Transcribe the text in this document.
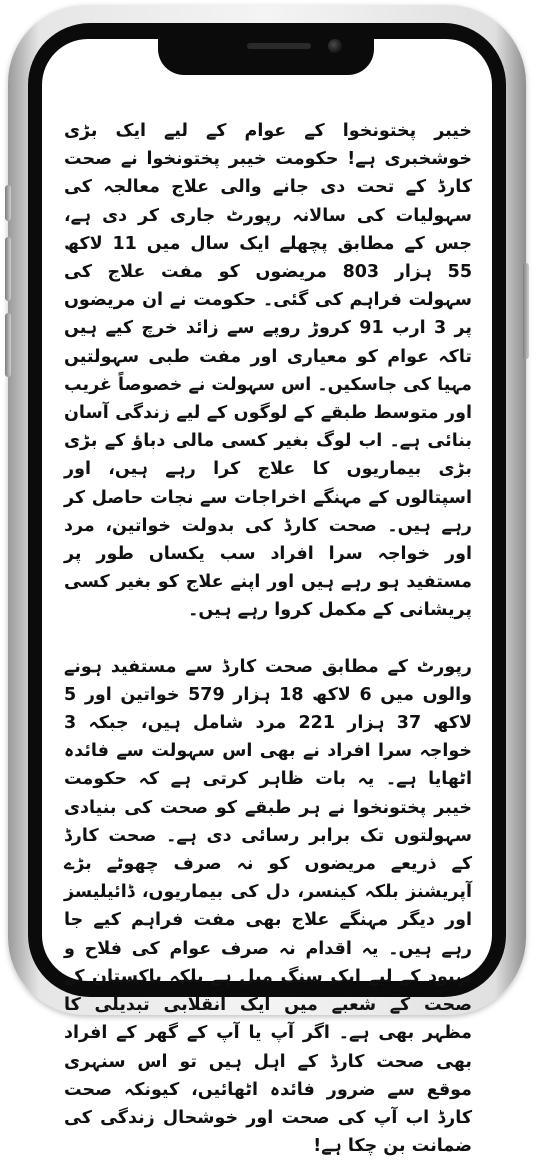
خیبر پختونخوا کے عوام کے لیے ایک بڑی خوشخبری ہے! حکومت خیبر پختونخوا نے صحت کارڈ کے تحت دی جانے والی علاج معالجہ کی سہولیات کی سالانہ رپورٹ جاری کر دی ہے، جس کے مطابق پچھلے ایک سال میں 11 لاکھ 55 ہزار 803 مریضوں کو مفت علاج کی سہولت فراہم کی گئی۔ حکومت نے ان مریضوں پر 3 ارب 91 کروڑ روپے سے زائد خرچ کیے ہیں تاکہ عوام کو معیاری اور مفت طبی سہولتیں مہیا کی جاسکیں۔ اس سہولت نے خصوصاً غریب اور متوسط طبقے کے لوگوں کے لیے زندگی آسان بنائی ہے۔ اب لوگ بغیر کسی مالی دباؤ کے بڑی بڑی بیماریوں کا علاج کرا رہے ہیں، اور اسپتالوں کے مہنگے اخراجات سے نجات حاصل کر رہے ہیں۔ صحت کارڈ کی بدولت خواتین، مرد اور خواجہ سرا افراد سب یکساں طور پر مستفید ہو رہے ہیں اور اپنے علاج کو بغیر کسی پریشانی کے مکمل کروا رہے ہیں۔

رپورٹ کے مطابق صحت کارڈ سے مستفید ہونے والوں میں 6 لاکھ 18 ہزار 579 خواتین اور 5 لاکھ 37 ہزار 221 مرد شامل ہیں، جبکہ 3 خواجہ سرا افراد نے بھی اس سہولت سے فائدہ اٹھایا ہے۔ یہ بات ظاہر کرتی ہے کہ حکومت خیبر پختونخوا نے ہر طبقے کو صحت کی بنیادی سہولتوں تک برابر رسائی دی ہے۔ صحت کارڈ کے ذریعے مریضوں کو نہ صرف چھوٹے بڑے آپریشنز بلکہ کینسر، دل کی بیماریوں، ڈائیلیسز اور دیگر مہنگے علاج بھی مفت فراہم کیے جا رہے ہیں۔ یہ اقدام نہ صرف عوام کی فلاح و بہبود کے لیے ایک سنگ میل ہے بلکہ پاکستان کے صحت کے شعبے میں ایک انقلابی تبدیلی کا مظہر بھی ہے۔ اگر آپ یا آپ کے گھر کے افراد بھی صحت کارڈ کے اہل ہیں تو اس سنہری موقع سے ضرور فائدہ اٹھائیں، کیونکہ صحت کارڈ اب آپ کی صحت اور خوشحال زندگی کی ضمانت بن چکا ہے!
